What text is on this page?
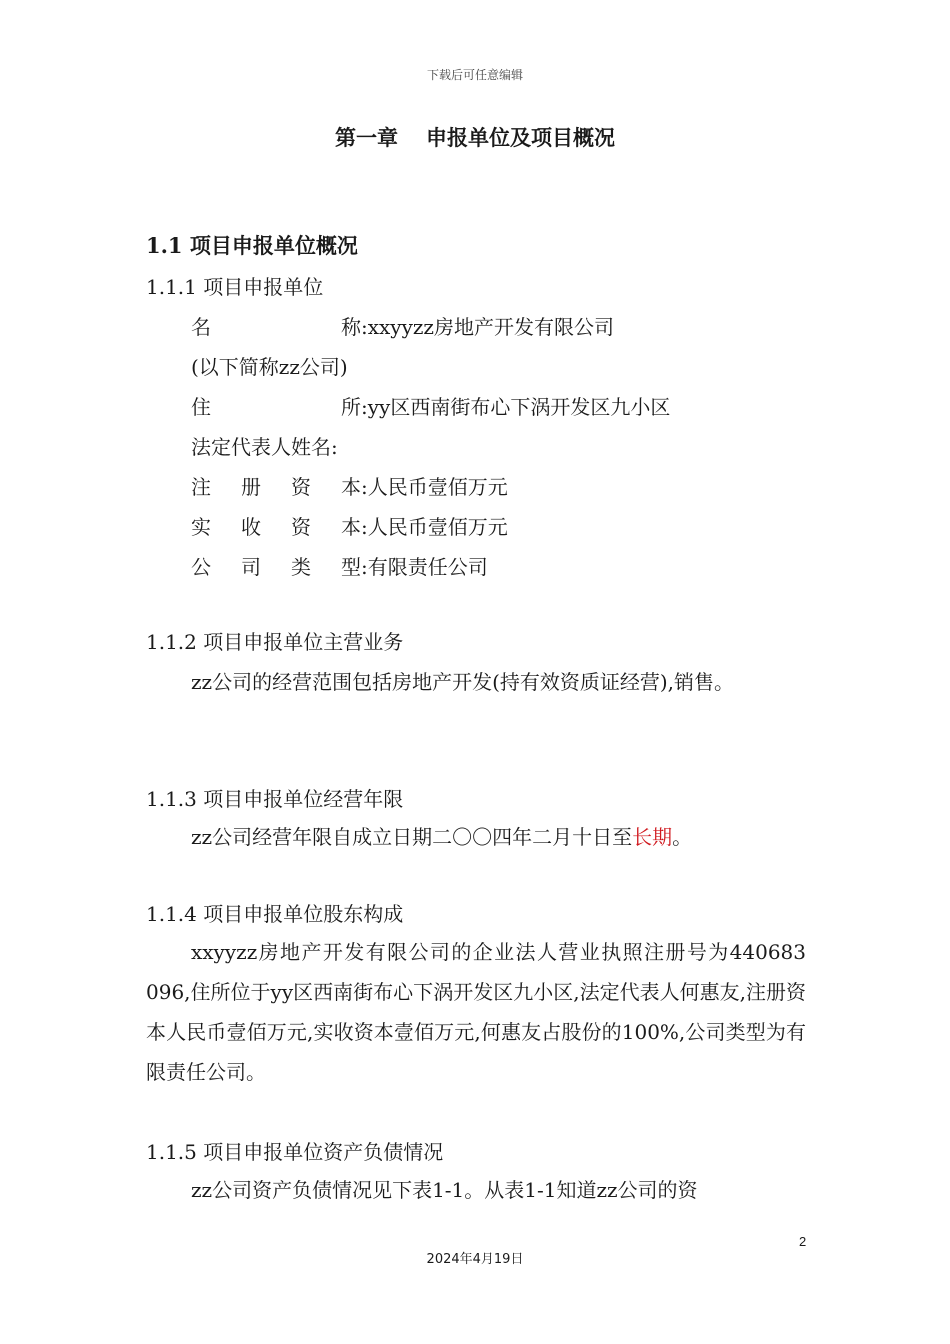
下载后可任意编辑
第一章 申报单位及项目概况
1.1 项目申报单位概况
1.1.1 项目申报单位
名称:xxyyzz房地产开发有限公司
(以下简称zz公司)
住所:yy区西南街布心下涡开发区九小区
法定代表人姓名:
注册资本:人民币壹佰万元
实收资本:人民币壹佰万元
公司类型:有限责任公司
1.1.2 项目申报单位主营业务
zz公司的经营范围包括房地产开发(持有效资质证经营),销售。
1.1.3 项目申报单位经营年限
zz公司经营年限自成立日期二〇〇四年二月十日至长期。
1.1.4 项目申报单位股东构成
xxyyzz房地产开发有限公司的企业法人营业执照注册号为440683　096,住所位于yy区西南街布心下涡开发区九小区,法定代表人何惠友,注册资本人民币壹佰万元,实收资本壹佰万元,何惠友占股份的100%,公司类型为有限责任公司。
1.1.5 项目申报单位资产负债情况
zz公司资产负债情况见下表1-1。从表1-1知道zz公司的资
2
2024年4月19日
